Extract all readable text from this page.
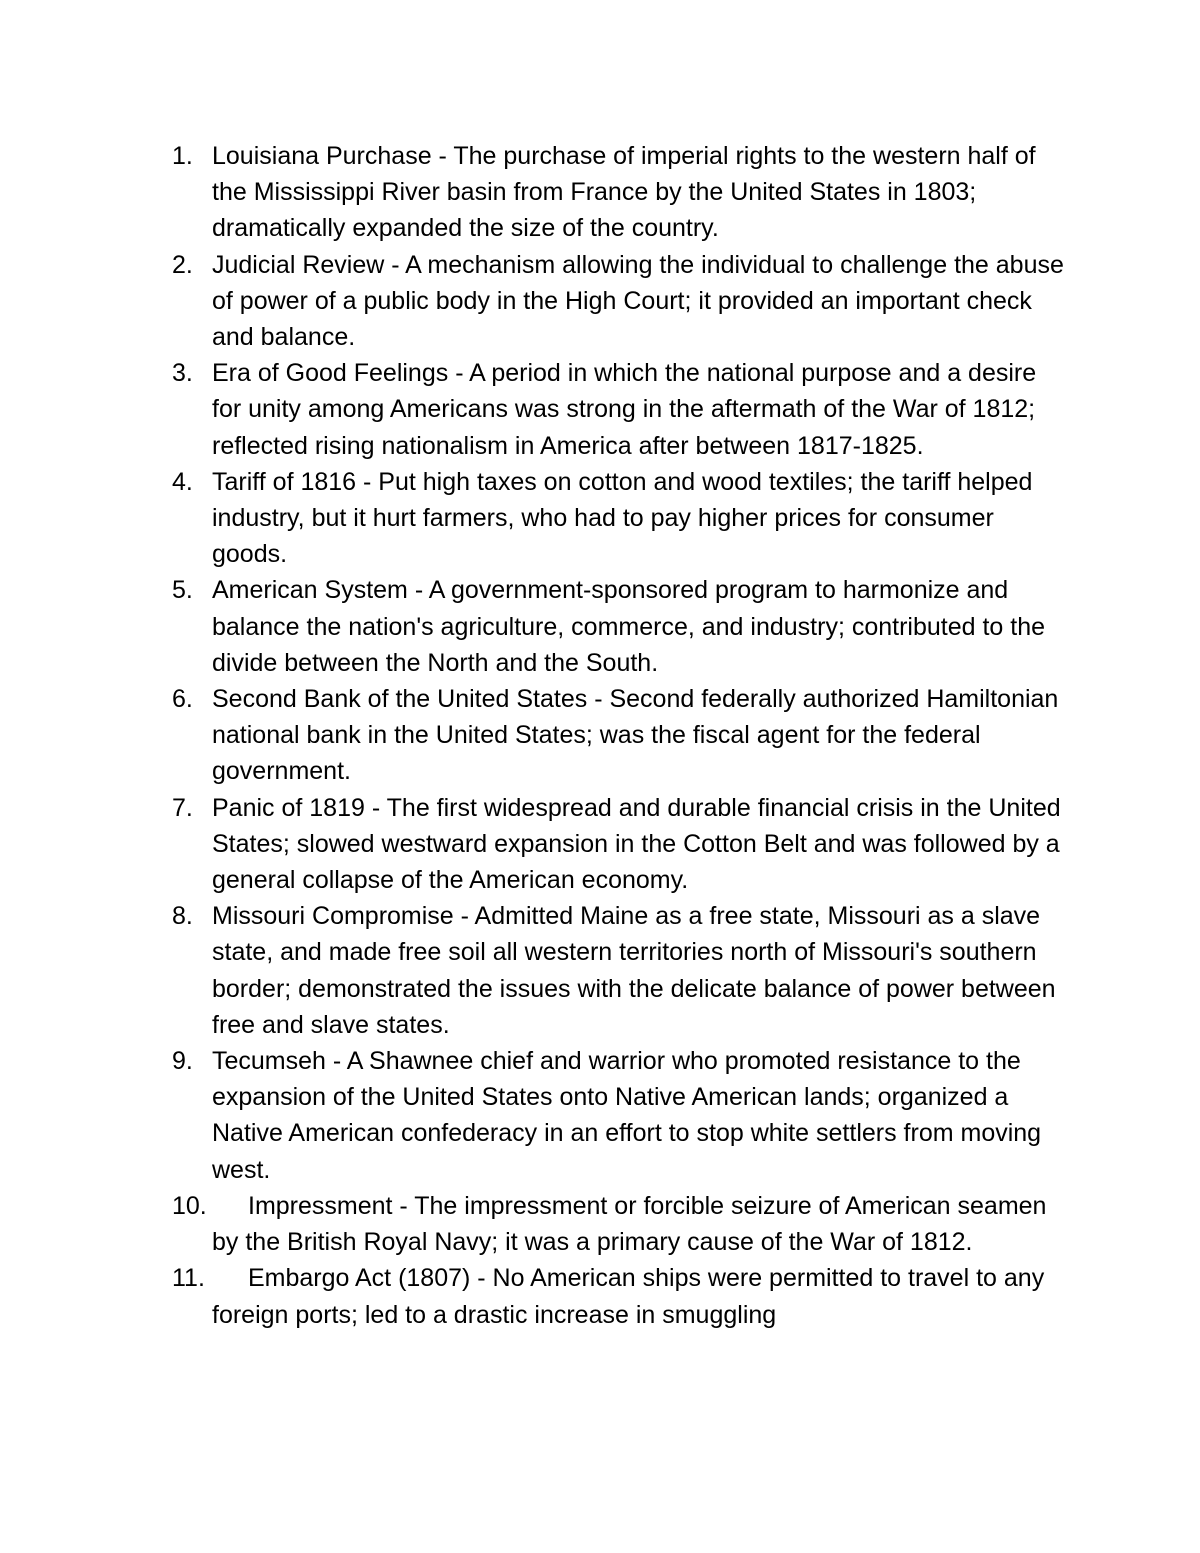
1. Louisiana Purchase - The purchase of imperial rights to the western half of the Mississippi River basin from France by the United States in 1803; dramatically expanded the size of the country.
2. Judicial Review - A mechanism allowing the individual to challenge the abuse of power of a public body in the High Court; it provided an important check and balance.
3. Era of Good Feelings - A period in which the national purpose and a desire for unity among Americans was strong in the aftermath of the War of 1812; reflected rising nationalism in America after between 1817-1825.
4. Tariff of 1816 - Put high taxes on cotton and wood textiles; the tariff helped industry, but it hurt farmers, who had to pay higher prices for consumer goods.
5. American System - A government-sponsored program to harmonize and balance the nation's agriculture, commerce, and industry; contributed to the divide between the North and the South.
6. Second Bank of the United States - Second federally authorized Hamiltonian national bank in the United States; was the fiscal agent for the federal government.
7. Panic of 1819 - The first widespread and durable financial crisis in the United States; slowed westward expansion in the Cotton Belt and was followed by a general collapse of the American economy.
8. Missouri Compromise - Admitted Maine as a free state, Missouri as a slave state, and made free soil all western territories north of Missouri's southern border; demonstrated the issues with the delicate balance of power between free and slave states.
9. Tecumseh - A Shawnee chief and warrior who promoted resistance to the expansion of the United States onto Native American lands; organized a Native American confederacy in an effort to stop white settlers from moving west.
10.	Impressment - The impressment or forcible seizure of American seamen by the British Royal Navy; it was a primary cause of the War of 1812.
11.	Embargo Act (1807) - No American ships were permitted to travel to any foreign ports; led to a drastic increase in smuggling
